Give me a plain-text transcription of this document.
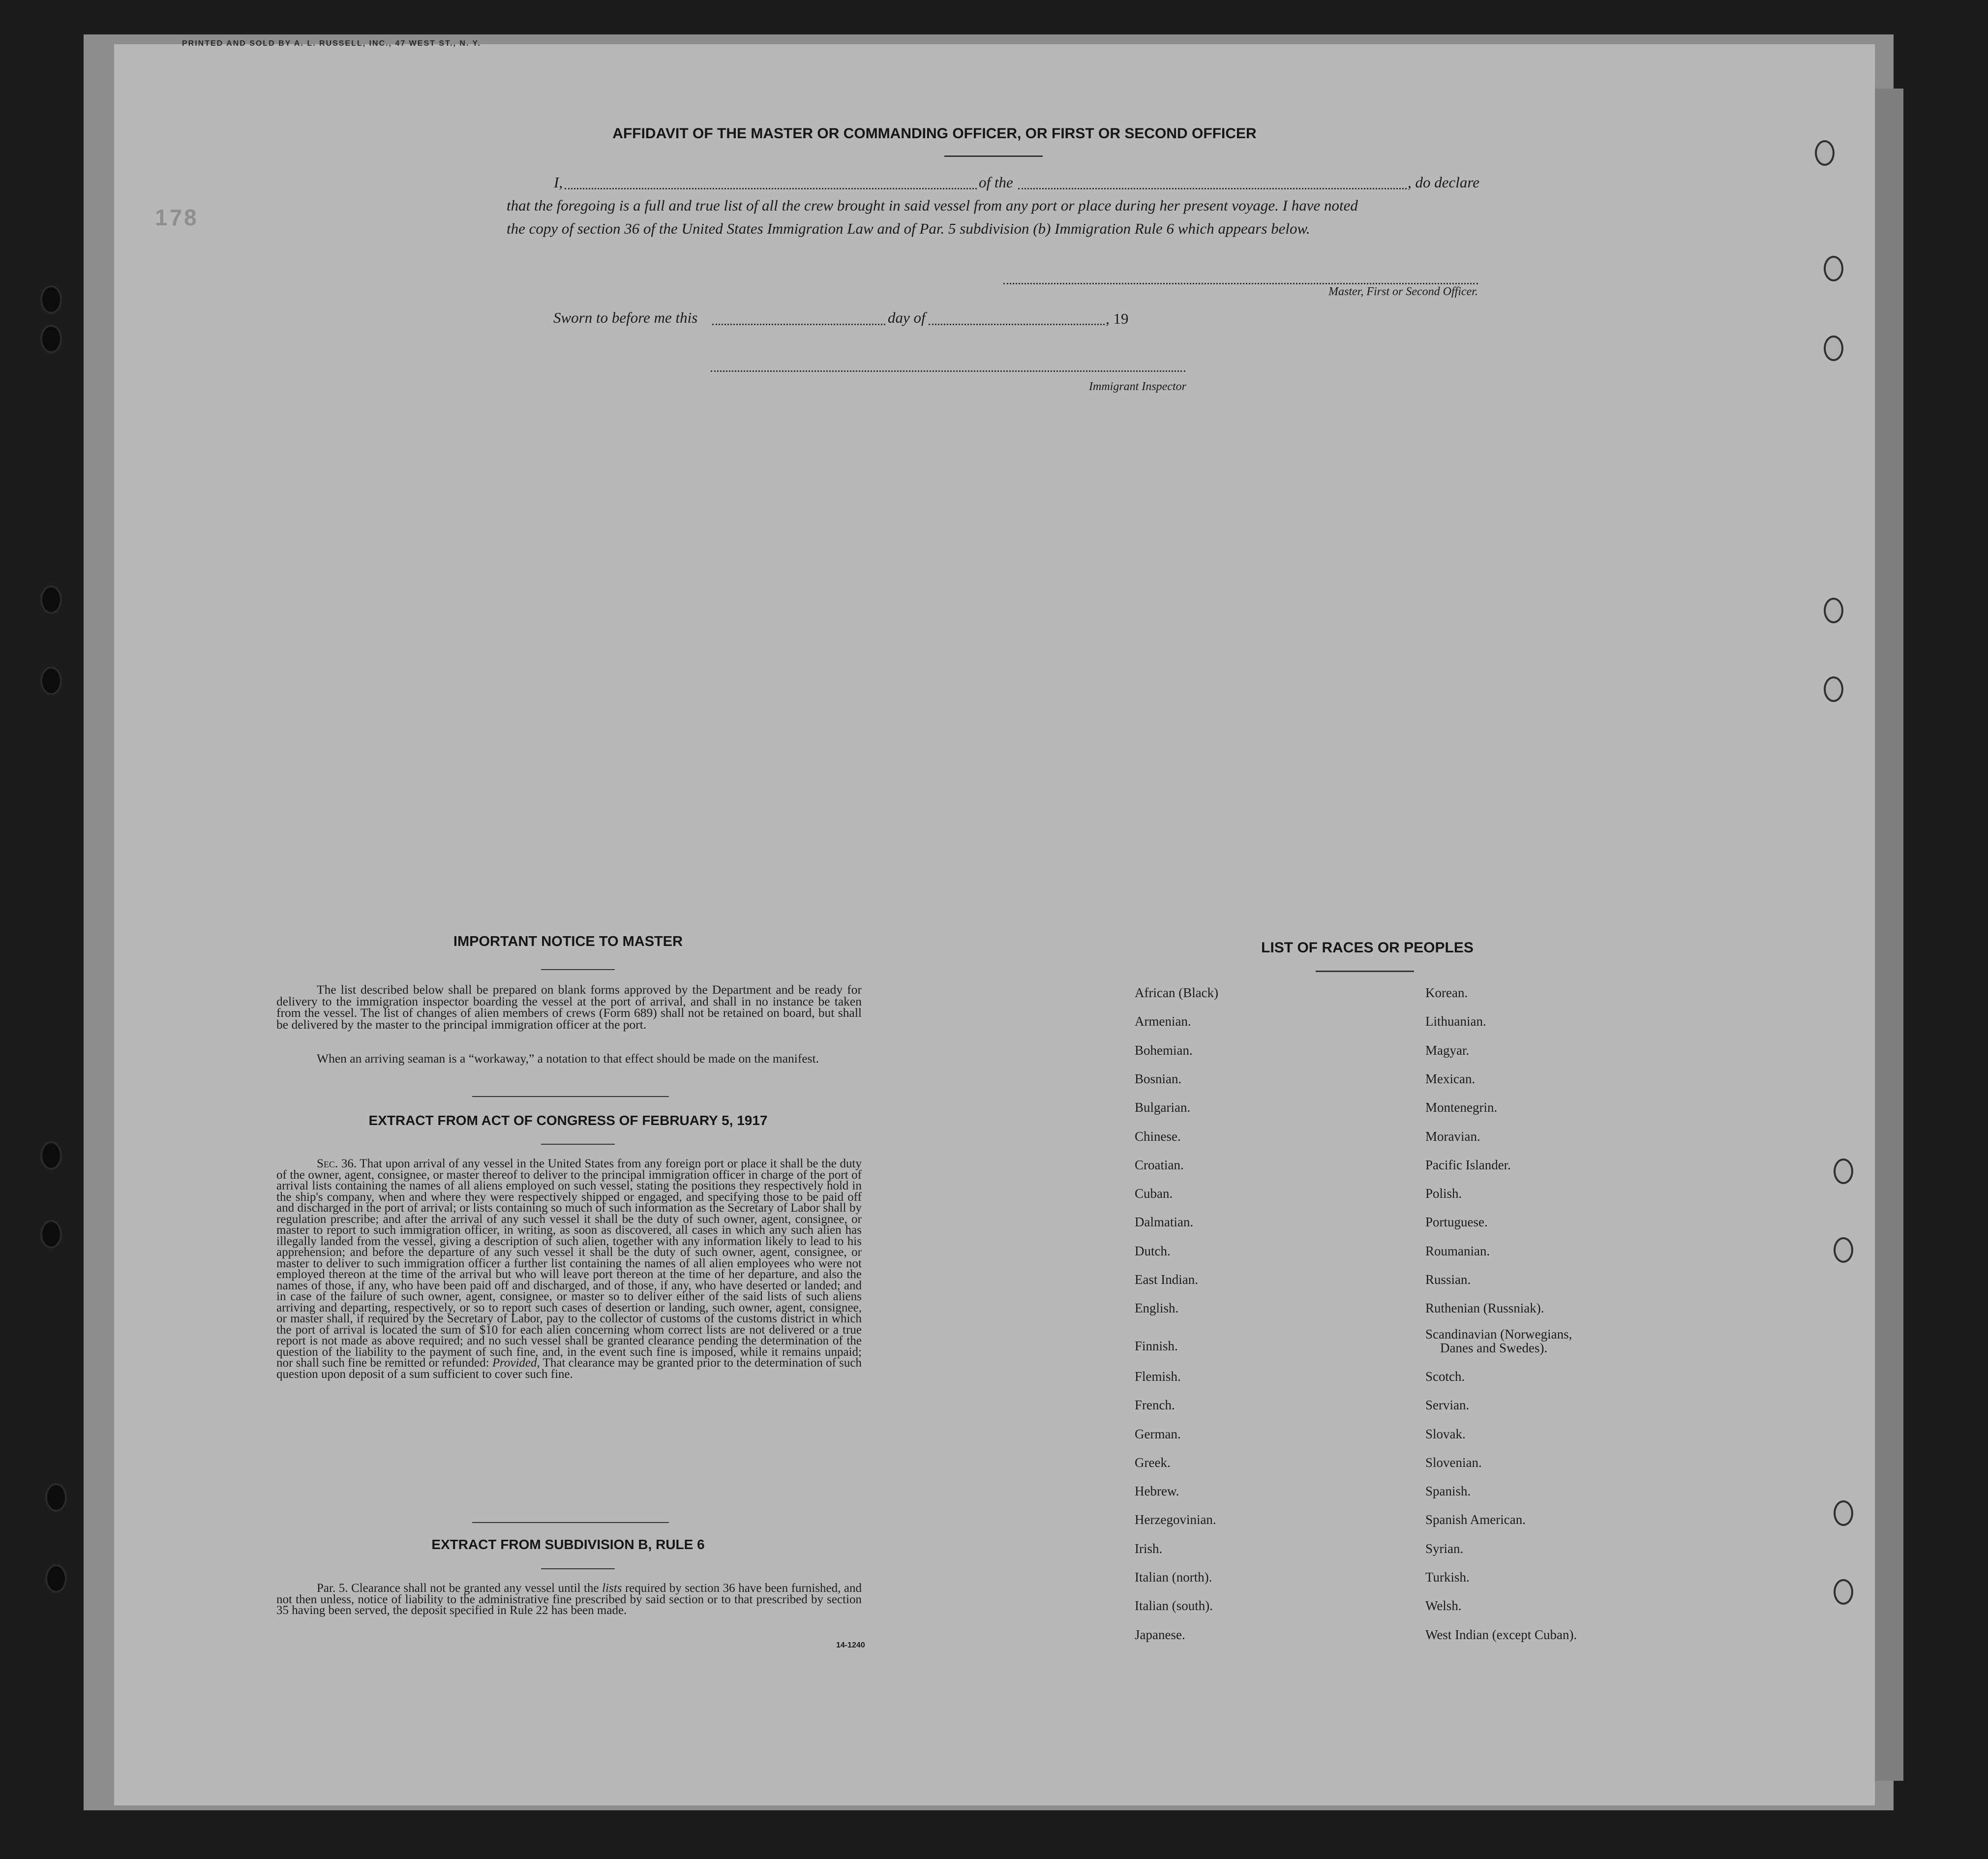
PRINTED AND SOLD BY A. L. RUSSELL, INC., 47 WEST ST., N. Y.
178
AFFIDAVIT OF THE MASTER OR COMMANDING OFFICER, OR FIRST OR SECOND OFFICER
I,	of the	, do declare
that the foregoing is a full and true list of all the crew brought in said vessel from any port or place during her present voyage. I have noted
the copy of section 36 of the United States Immigration Law and of Par. 5 subdivision (b) Immigration Rule 6 which appears below.
Master, First or Second Officer.
Sworn to before me this	day of	, 19
Immigrant Inspector
IMPORTANT NOTICE TO MASTER
The list described below shall be prepared on blank forms approved by the Department and be ready for delivery to the immigration inspector boarding the vessel at the port of arrival, and shall in no instance be taken from the vessel. The list of changes of alien members of crews (Form 689) shall not be retained on board, but shall be delivered by the master to the principal immigration officer at the port.
When an arriving seaman is a “workaway,” a notation to that effect should be made on the manifest.
EXTRACT FROM ACT OF CONGRESS OF FEBRUARY 5, 1917
Sec. 36. That upon arrival of any vessel in the United States from any foreign port or place it shall be the duty of the owner, agent, consignee, or master thereof to deliver to the principal immigration officer in charge of the port of arrival lists containing the names of all aliens employed on such vessel, stating the positions they respectively hold in the ship's company, when and where they were respectively shipped or engaged, and specifying those to be paid off and discharged in the port of arrival; or lists containing so much of such information as the Secretary of Labor shall by regulation prescribe; and after the arrival of any such vessel it shall be the duty of such owner, agent, consignee, or master to report to such immigration officer, in writing, as soon as discovered, all cases in which any such alien has illegally landed from the vessel, giving a description of such alien, together with any information likely to lead to his apprehension; and before the departure of any such vessel it shall be the duty of such owner, agent, consignee, or master to deliver to such immigration officer a further list containing the names of all alien employees who were not employed thereon at the time of the arrival but who will leave port thereon at the time of her departure, and also the names of those, if any, who have been paid off and discharged, and of those, if any, who have deserted or landed; and in case of the failure of such owner, agent, consignee, or master so to deliver either of the said lists of such aliens arriving and departing, respectively, or so to report such cases of desertion or landing, such owner, agent, consignee, or master shall, if required by the Secretary of Labor, pay to the collector of customs of the customs district in which the port of arrival is located the sum of $10 for each alien concerning whom correct lists are not delivered or a true report is not made as above required; and no such vessel shall be granted clearance pending the determination of the question of the liability to the payment of such fine, and, in the event such fine is imposed, while it remains unpaid; nor shall such fine be remitted or refunded: Provided, That clearance may be granted prior to the determination of such question upon deposit of a sum sufficient to cover such fine.
EXTRACT FROM SUBDIVISION B, RULE 6
Par. 5. Clearance shall not be granted any vessel until the lists required by section 36 have been furnished, and not then unless, notice of liability to the administrative fine prescribed by said section or to that prescribed by section 35 having been served, the deposit specified in Rule 22 has been made.
14-1240
LIST OF RACES OR PEOPLES
African (Black)
Armenian.
Bohemian.
Bosnian.
Bulgarian.
Chinese.
Croatian.
Cuban.
Dalmatian.
Dutch.
East Indian.
English.
Finnish.
Flemish.
French.
German.
Greek.
Hebrew.
Herzegovinian.
Irish.
Italian (north).
Italian (south).
Japanese.
Korean.
Lithuanian.
Magyar.
Mexican.
Montenegrin.
Moravian.
Pacific Islander.
Polish.
Portuguese.
Roumanian.
Russian.
Ruthenian (Russniak).
Scandinavian (Norwegians,
Danes and Swedes).
Scotch.
Servian.
Slovak.
Slovenian.
Spanish.
Spanish American.
Syrian.
Turkish.
Welsh.
West Indian (except Cuban).
